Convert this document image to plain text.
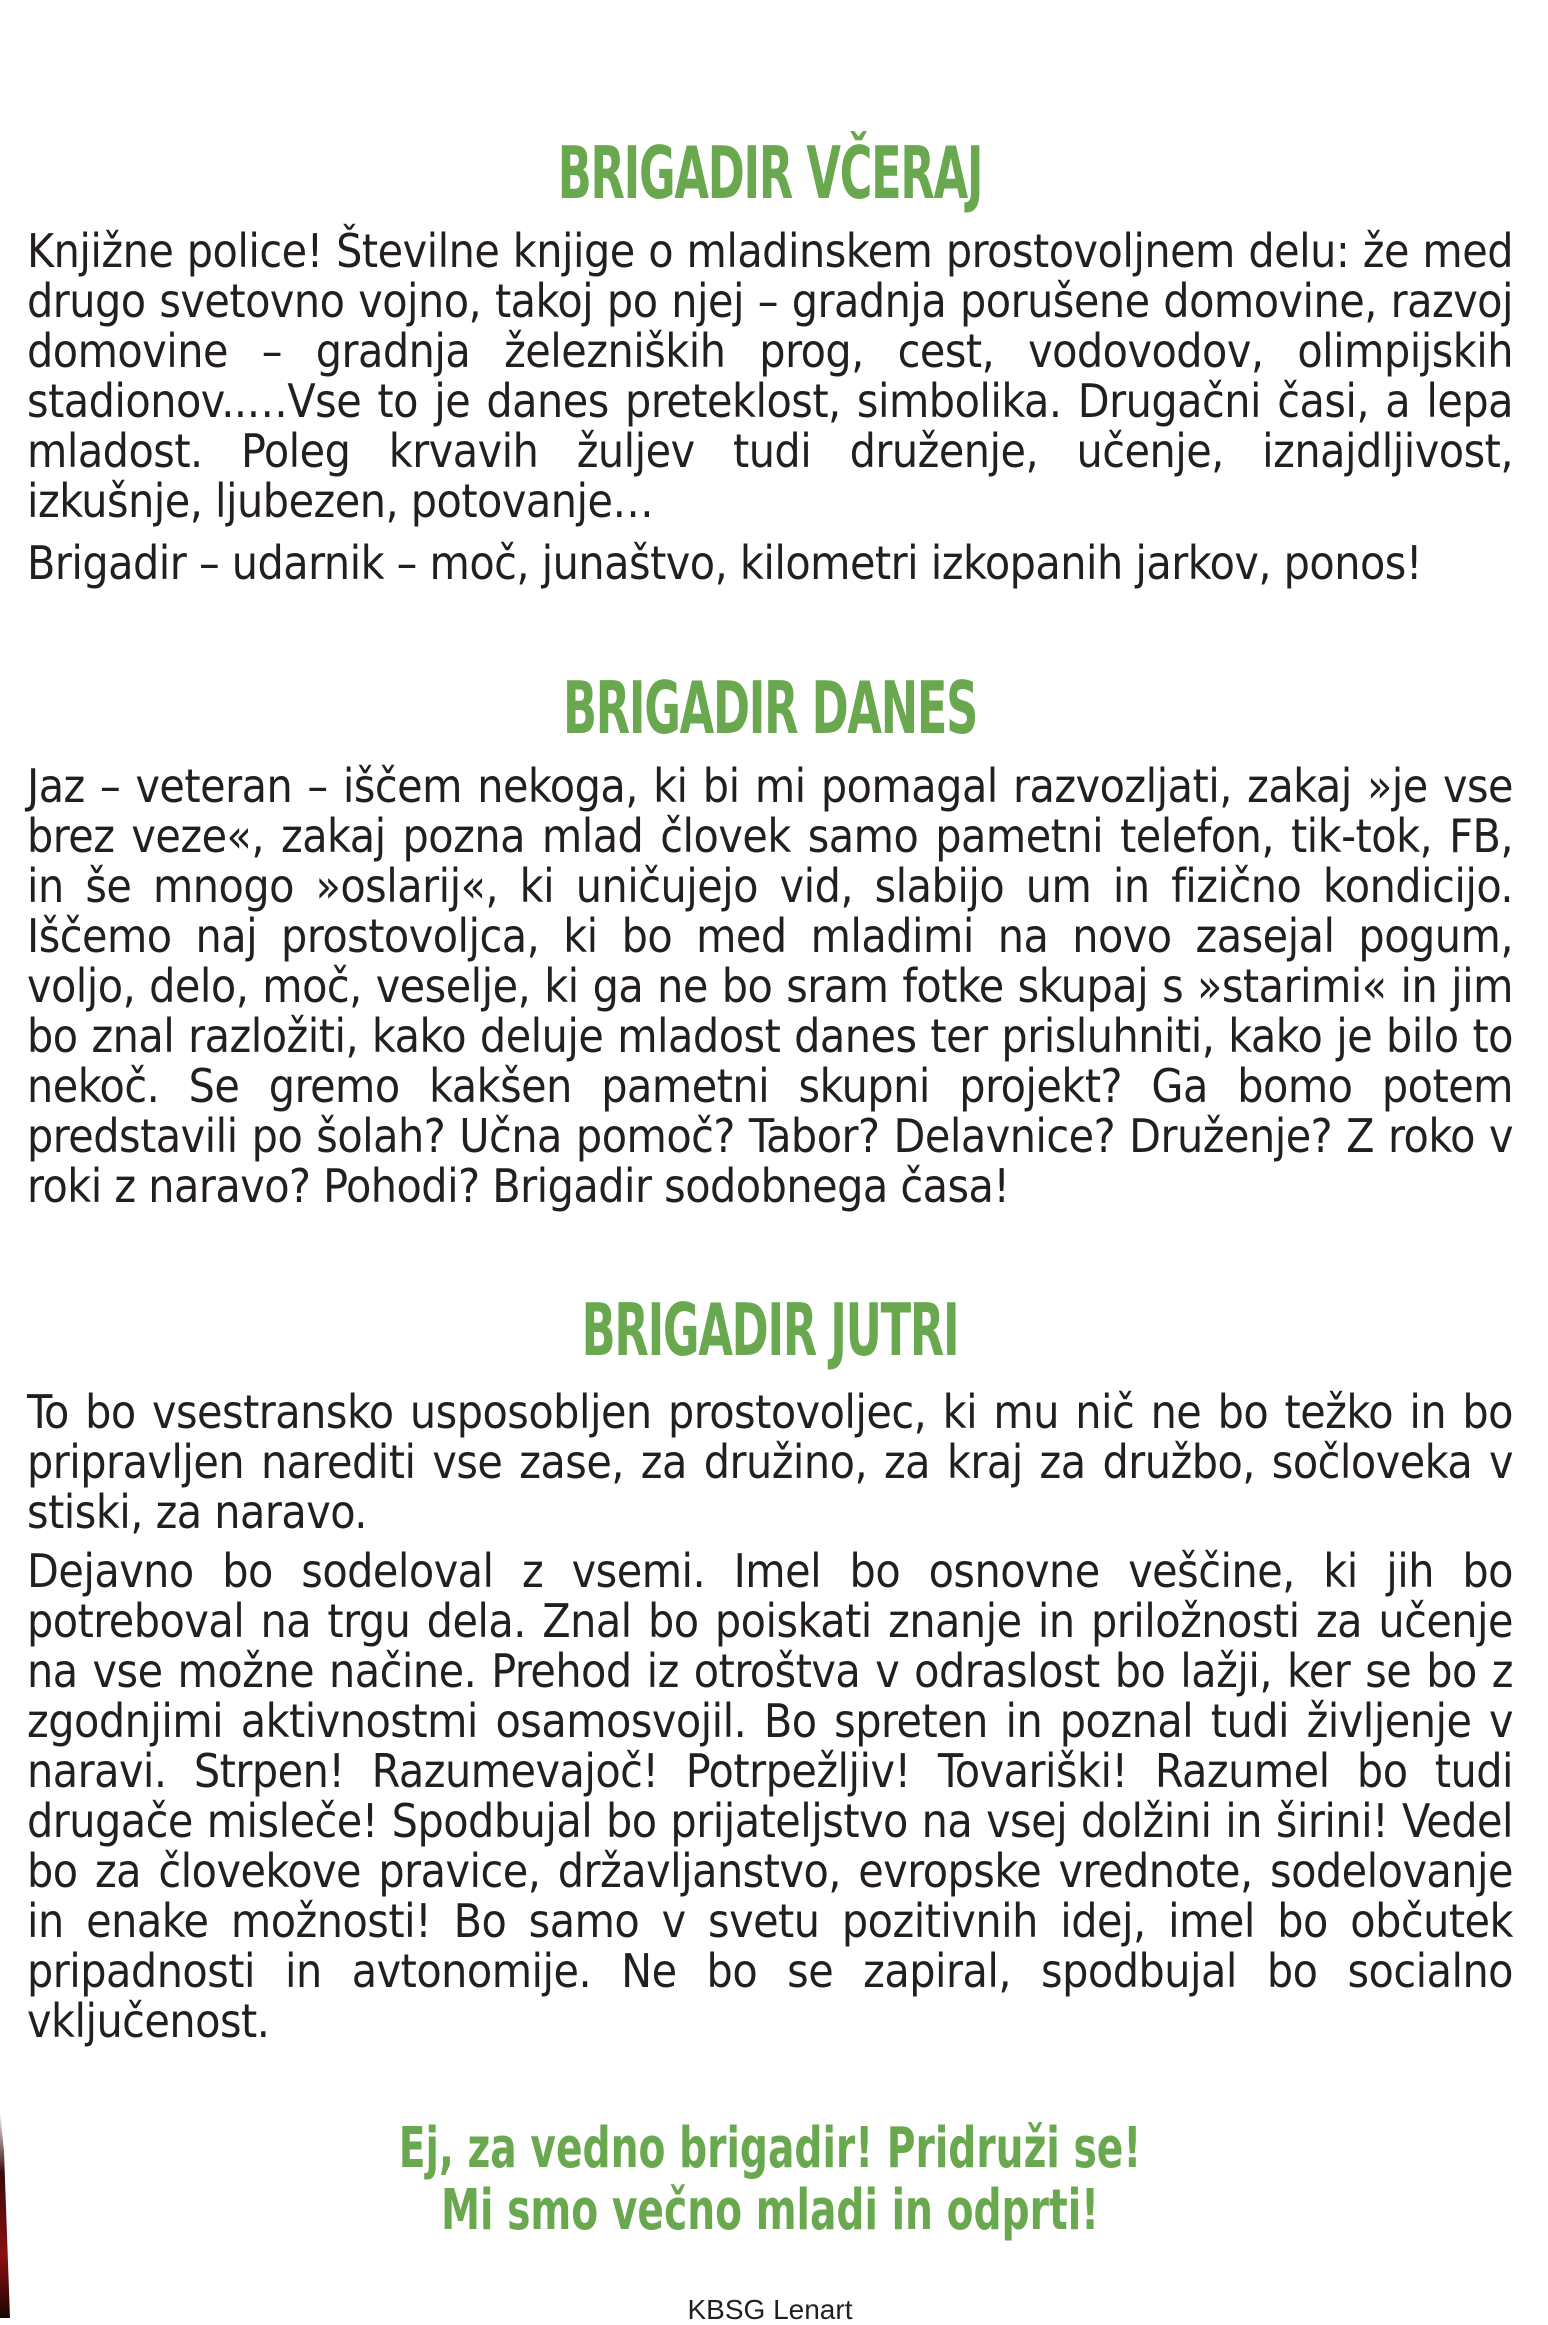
BRIGADIR VČERAJ

Knjižne police! Številne knjige o mladinskem prostovoljnem delu: že med drugo svetovno vojno, takoj po njej – gradnja porušene domovine, razvoj domovine – gradnja železniških prog, cest, vodovodov, olimpijskih stadionov..…Vse to je danes preteklost, simbolika. Drugačni časi, a lepa mladost. Poleg krvavih žuljev tudi druženje, učenje, iznajdljivost, izkušnje, ljubezen, potovanje…

Brigadir – udarnik – moč, junaštvo, kilometri izkopanih jarkov, ponos!

BRIGADIR DANES

Jaz – veteran – iščem nekoga, ki bi mi pomagal razvozljati, zakaj »je vse brez veze«, zakaj pozna mlad človek samo pametni telefon, tik-tok, FB, in še mnogo »oslarij«, ki uničujejo vid, slabijo um in fizično kondicijo. Iščemo naj prostovoljca, ki bo med mladimi na novo zasejal pogum, voljo, delo, moč, veselje, ki ga ne bo sram fotke skupaj s »starimi« in jim bo znal razložiti, kako deluje mladost danes ter prisluhniti, kako je bilo to nekoč. Se gremo kakšen pametni skupni projekt? Ga bomo potem predstavili po šolah? Učna pomoč? Tabor? Delavnice? Druženje? Z roko v roki z naravo? Pohodi? Brigadir sodobnega časa!

BRIGADIR JUTRI

To bo vsestransko usposobljen prostovoljec, ki mu nič ne bo težko in bo pripravljen narediti vse zase, za družino, za kraj za družbo, sočloveka v stiski, za naravo.

Dejavno bo sodeloval z vsemi. Imel bo osnovne veščine, ki jih bo potreboval na trgu dela. Znal bo poiskati znanje in priložnosti za učenje na vse možne načine. Prehod iz otroštva v odraslost bo lažji, ker se bo z zgodnjimi aktivnostmi osamosvojil. Bo spreten in poznal tudi življenje v naravi. Strpen! Razumevajoč! Potrpežljiv! Tovariški! Razumel bo tudi drugače misleče! Spodbujal bo prijateljstvo na vsej dolžini in širini! Vedel bo za človekove pravice, državljanstvo, evropske vrednote, sodelovanje in enake možnosti! Bo samo v svetu pozitivnih idej, imel bo občutek pripadnosti in avtonomije. Ne bo se zapiral, spodbujal bo socialno vključenost.

Ej, za vedno brigadir! Pridruži se!
Mi smo večno mladi in odprti!
KBSG Lenart
